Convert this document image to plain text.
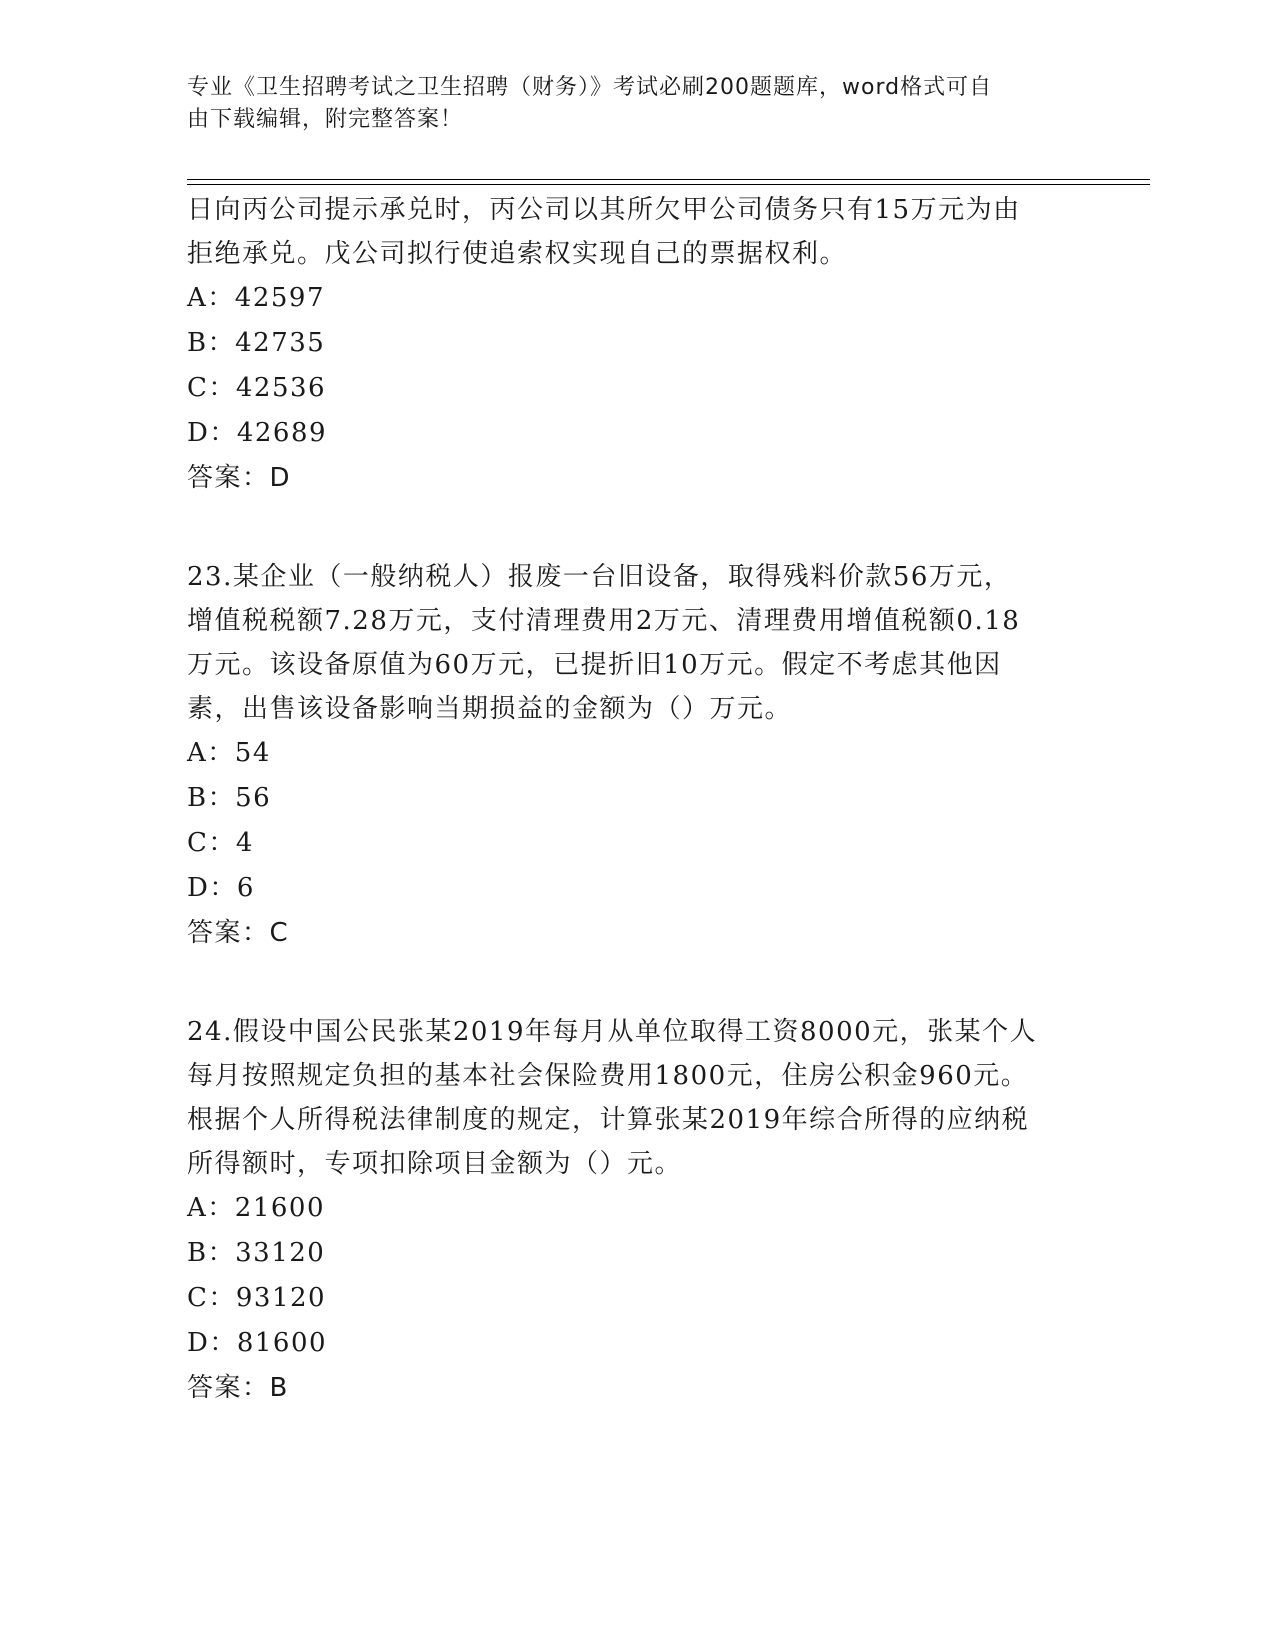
专业《卫生招聘考试之卫生招聘（财务）》考试必刷200题题库，word格式可自
由下载编辑，附完整答案！
日向丙公司提示承兑时，丙公司以其所欠甲公司债务只有15万元为由
拒绝承兑。戊公司拟行使追索权实现自己的票据权利。
A：42597
B：42735
C：42536
D：42689
答案：D
23.某企业（一般纳税人）报废一台旧设备，取得残料价款56万元，
增值税税额7.28万元，支付清理费用2万元、清理费用增值税额0.18
万元。该设备原值为60万元，已提折旧10万元。假定不考虑其他因
素，出售该设备影响当期损益的金额为（）万元。
A：54
B：56
C：4
D：6
答案：C
24.假设中国公民张某2019年每月从单位取得工资8000元，张某个人
每月按照规定负担的基本社会保险费用1800元，住房公积金960元。
根据个人所得税法律制度的规定，计算张某2019年综合所得的应纳税
所得额时，专项扣除项目金额为（）元。
A：21600
B：33120
C：93120
D：81600
答案：B
